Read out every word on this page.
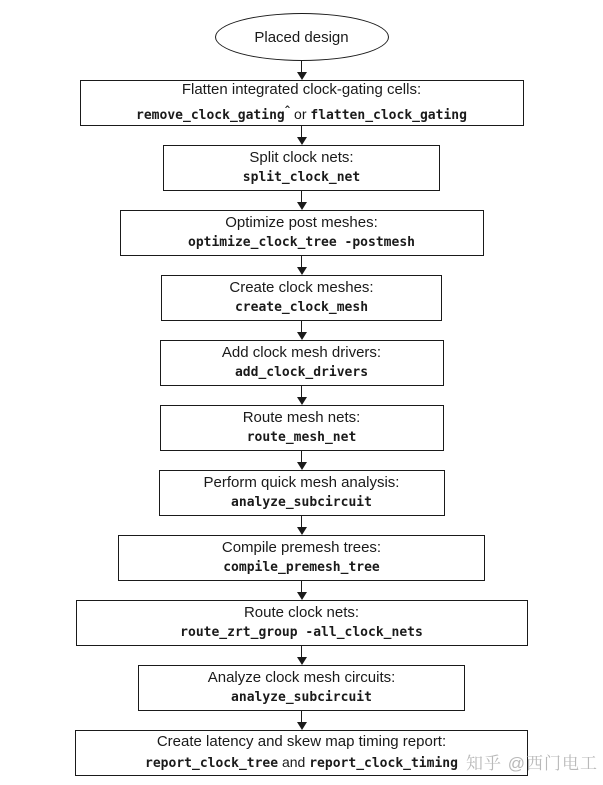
Placed design
Flatten integrated clock-gating cells:
remove_clock_gating^ or flatten_clock_gating
Split clock nets:
split_clock_net
Optimize post meshes:
optimize_clock_tree -postmesh
Create clock meshes:
create_clock_mesh
Add clock mesh drivers:
add_clock_drivers
Route mesh nets:
route_mesh_net
Perform quick mesh analysis:
analyze_subcircuit
Compile premesh trees:
compile_premesh_tree
Route clock nets:
route_zrt_group -all_clock_nets
Analyze clock mesh circuits:
analyze_subcircuit
Create latency and skew map timing report:
report_clock_tree and report_clock_timing 知乎 @西门电工
